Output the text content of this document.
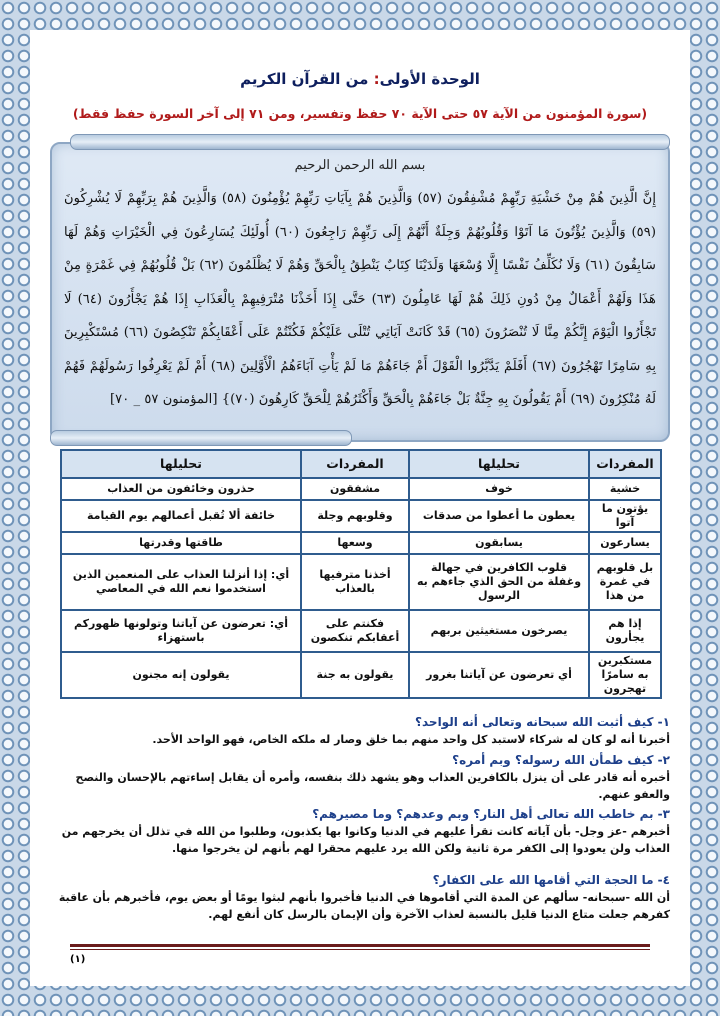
الوحدة الأولى: من القرآن الكريم
(سورة المؤمنون من الآية ٥٧ حتى الآية ٧٠ حفظ وتفسير، ومن ٧١ إلى آخر السورة حفظ فقط)
بسم الله الرحمن الرحيم
إِنَّ الَّذِينَ هُمْ مِنْ خَشْيَةِ رَبِّهِمْ مُشْفِقُونَ (٥٧) وَالَّذِينَ هُمْ بِآيَاتِ رَبِّهِمْ يُؤْمِنُونَ (٥٨) وَالَّذِينَ هُمْ بِرَبِّهِمْ لَا يُشْرِكُونَ (٥٩) وَالَّذِينَ يُؤْتُونَ مَا آتَوْا وَقُلُوبُهُمْ وَجِلَةٌ أَنَّهُمْ إِلَى رَبِّهِمْ رَاجِعُونَ (٦٠) أُولَئِكَ يُسَارِعُونَ فِي الْخَيْرَاتِ وَهُمْ لَهَا سَابِقُونَ (٦١) وَلَا نُكَلِّفُ نَفْسًا إِلَّا وُسْعَهَا وَلَدَيْنَا كِتَابٌ يَنْطِقُ بِالْحَقِّ وَهُمْ لَا يُظْلَمُونَ (٦٢) بَلْ قُلُوبُهُمْ فِي غَمْرَةٍ مِنْ هَذَا وَلَهُمْ أَعْمَالٌ مِنْ دُونِ ذَلِكَ هُمْ لَهَا عَامِلُونَ (٦٣) حَتَّى إِذَا أَخَذْنَا مُتْرَفِيهِمْ بِالْعَذَابِ إِذَا هُمْ يَجْأَرُونَ (٦٤) لَا تَجْأَرُوا الْيَوْمَ إِنَّكُمْ مِنَّا لَا تُنْصَرُونَ (٦٥) قَدْ كَانَتْ آيَاتِي تُتْلَى عَلَيْكُمْ فَكُنْتُمْ عَلَى أَعْقَابِكُمْ تَنْكِصُونَ (٦٦) مُسْتَكْبِرِينَ بِهِ سَامِرًا تَهْجُرُونَ (٦٧) أَفَلَمْ يَدَّبَّرُوا الْقَوْلَ أَمْ جَاءَهُمْ مَا لَمْ يَأْتِ آبَاءَهُمُ الْأَوَّلِينَ (٦٨) أَمْ لَمْ يَعْرِفُوا رَسُولَهُمْ فَهُمْ لَهُ مُنْكِرُونَ (٦٩) أَمْ يَقُولُونَ بِهِ جِنَّةٌ بَلْ جَاءَهُمْ بِالْحَقِّ وَأَكْثَرُهُمْ لِلْحَقِّ كَارِهُونَ (٧٠)} [المؤمنون ٥٧ _ ٧٠]
المفردات	تحليلها	المفردات	تحليلها
خشية	خوف	مشفقون	حذرون وخائفون من العذاب
يؤتون ما آتوا	يعطون ما أعطوا من صدقات	وقلوبهم وجلة	خائفة ألا تُقبل أعمالهم يوم القيامة
يسارعون	يسابقون	وسعها	طاقتها وقدرتها
بل قلوبهم في غمرة من هذا	قلوب الكافرين في جهالة وغفلة من الحق الذي جاءهم به الرسول	أخذنا مترفيها بالعذاب	أي: إذا أنزلنا العذاب على المنعمين الذين استخدموا نعم الله في المعاصي
إذا هم يجأرون	يصرخون مستغيثين بربهم	فكنتم على أعقابكم تنكصون	أي: تعرضون عن آياتنا وتولونها ظهوركم باستهزاء
مستكبرين به سامرًا تهجرون	أي تعرضون عن آياتنا بغرور	يقولون به جنة	يقولون إنه مجنون
١- كيف أثبت الله سبحانه وتعالى أنه الواحد؟
أخبرنا أنه لو كان له شركاء لاستبد كل واحد منهم بما خلق وصار له ملكه الخاص، فهو الواحد الأحد.
٢- كيف طمأن الله رسوله؟ وبم أمره؟
أخبره أنه قادر على أن ينزل بالكافرين العذاب وهو يشهد ذلك بنفسه، وأمره أن يقابل إساءتهم بالإحسان والنصح والعفو عنهم.
٣- بم خاطب الله تعالى أهل النار؟ وبم وعدهم؟ وما مصيرهم؟
أخبرهم -عز وجل- بأن آياته كانت تقرأ عليهم في الدنيا وكانوا بها يكذبون، وطلبوا من الله في تذلل أن يخرجهم من العذاب ولن يعودوا إلى الكفر مرة ثانية ولكن الله يرد عليهم محقرا لهم بأنهم لن يخرجوا منها.
٤- ما الحجة التي أقامها الله على الكفار؟
أن الله -سبحانه- سألهم عن المدة التي أقاموها في الدنيا فأخبروا بأنهم لبثوا يومًا أو بعض يوم، فأخبرهم بأن عاقبة كفرهم جعلت متاع الدنيا قليل بالنسبة لعذاب الآخرة وأن الإيمان بالرسل كان أنفع لهم.
(١)
